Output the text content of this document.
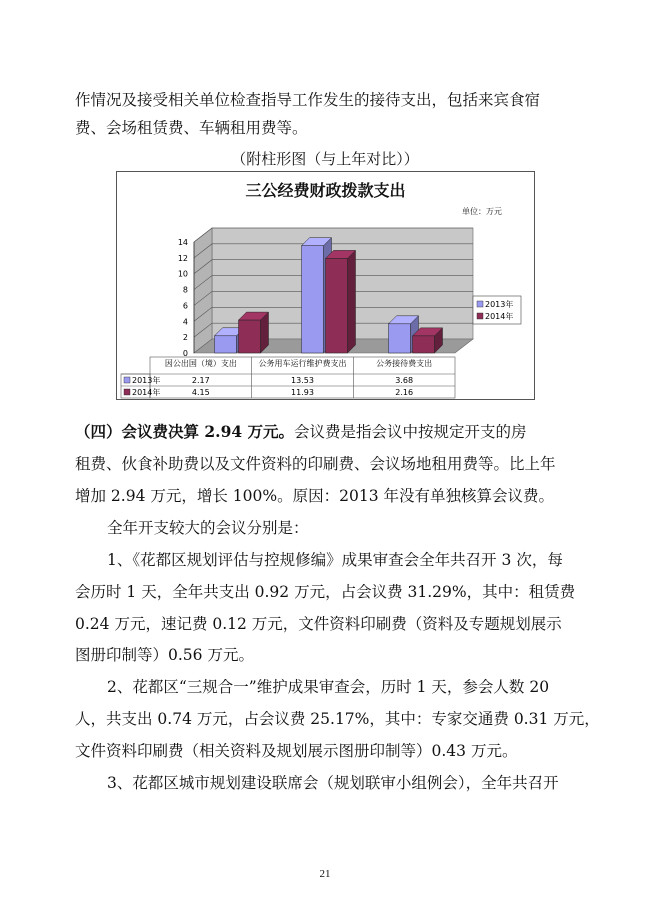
作情况及接受相关单位检查指导工作发生的接待支出，包括来宾食宿
费、会场租赁费、车辆租用费等。
（附柱形图（与上年对比））
三公经费财政拨款支出
单位：万元
0
2
4
6
8
10
12
14
2013年
2014年
因公出国（境）支出	公务用车运行维护费支出	公务接待费支出
2013年	2.17	13.53	3.68
2014年	4.15	11.93	2.16
（四）会议费决算 2.94 万元。会议费是指会议中按规定开支的房
租费、伙食补助费以及文件资料的印刷费、会议场地租用费等。比上年
增加 2.94 万元，增长 100%。原因：2013 年没有单独核算会议费。
全年开支较大的会议分别是：
1、《花都区规划评估与控规修编》成果审查会全年共召开 3 次，每
会历时 1 天，全年共支出 0.92 万元，占会议费 31.29%，其中：租赁费
0.24 万元，速记费 0.12 万元，文件资料印刷费（资料及专题规划展示
图册印制等）0.56 万元。
2、花都区“三规合一”维护成果审查会，历时 1 天，参会人数 20
人，共支出 0.74 万元，占会议费 25.17%，其中：专家交通费 0.31 万元，
文件资料印刷费（相关资料及规划展示图册印制等）0.43 万元。
3、花都区城市规划建设联席会（规划联审小组例会），全年共召开
21
